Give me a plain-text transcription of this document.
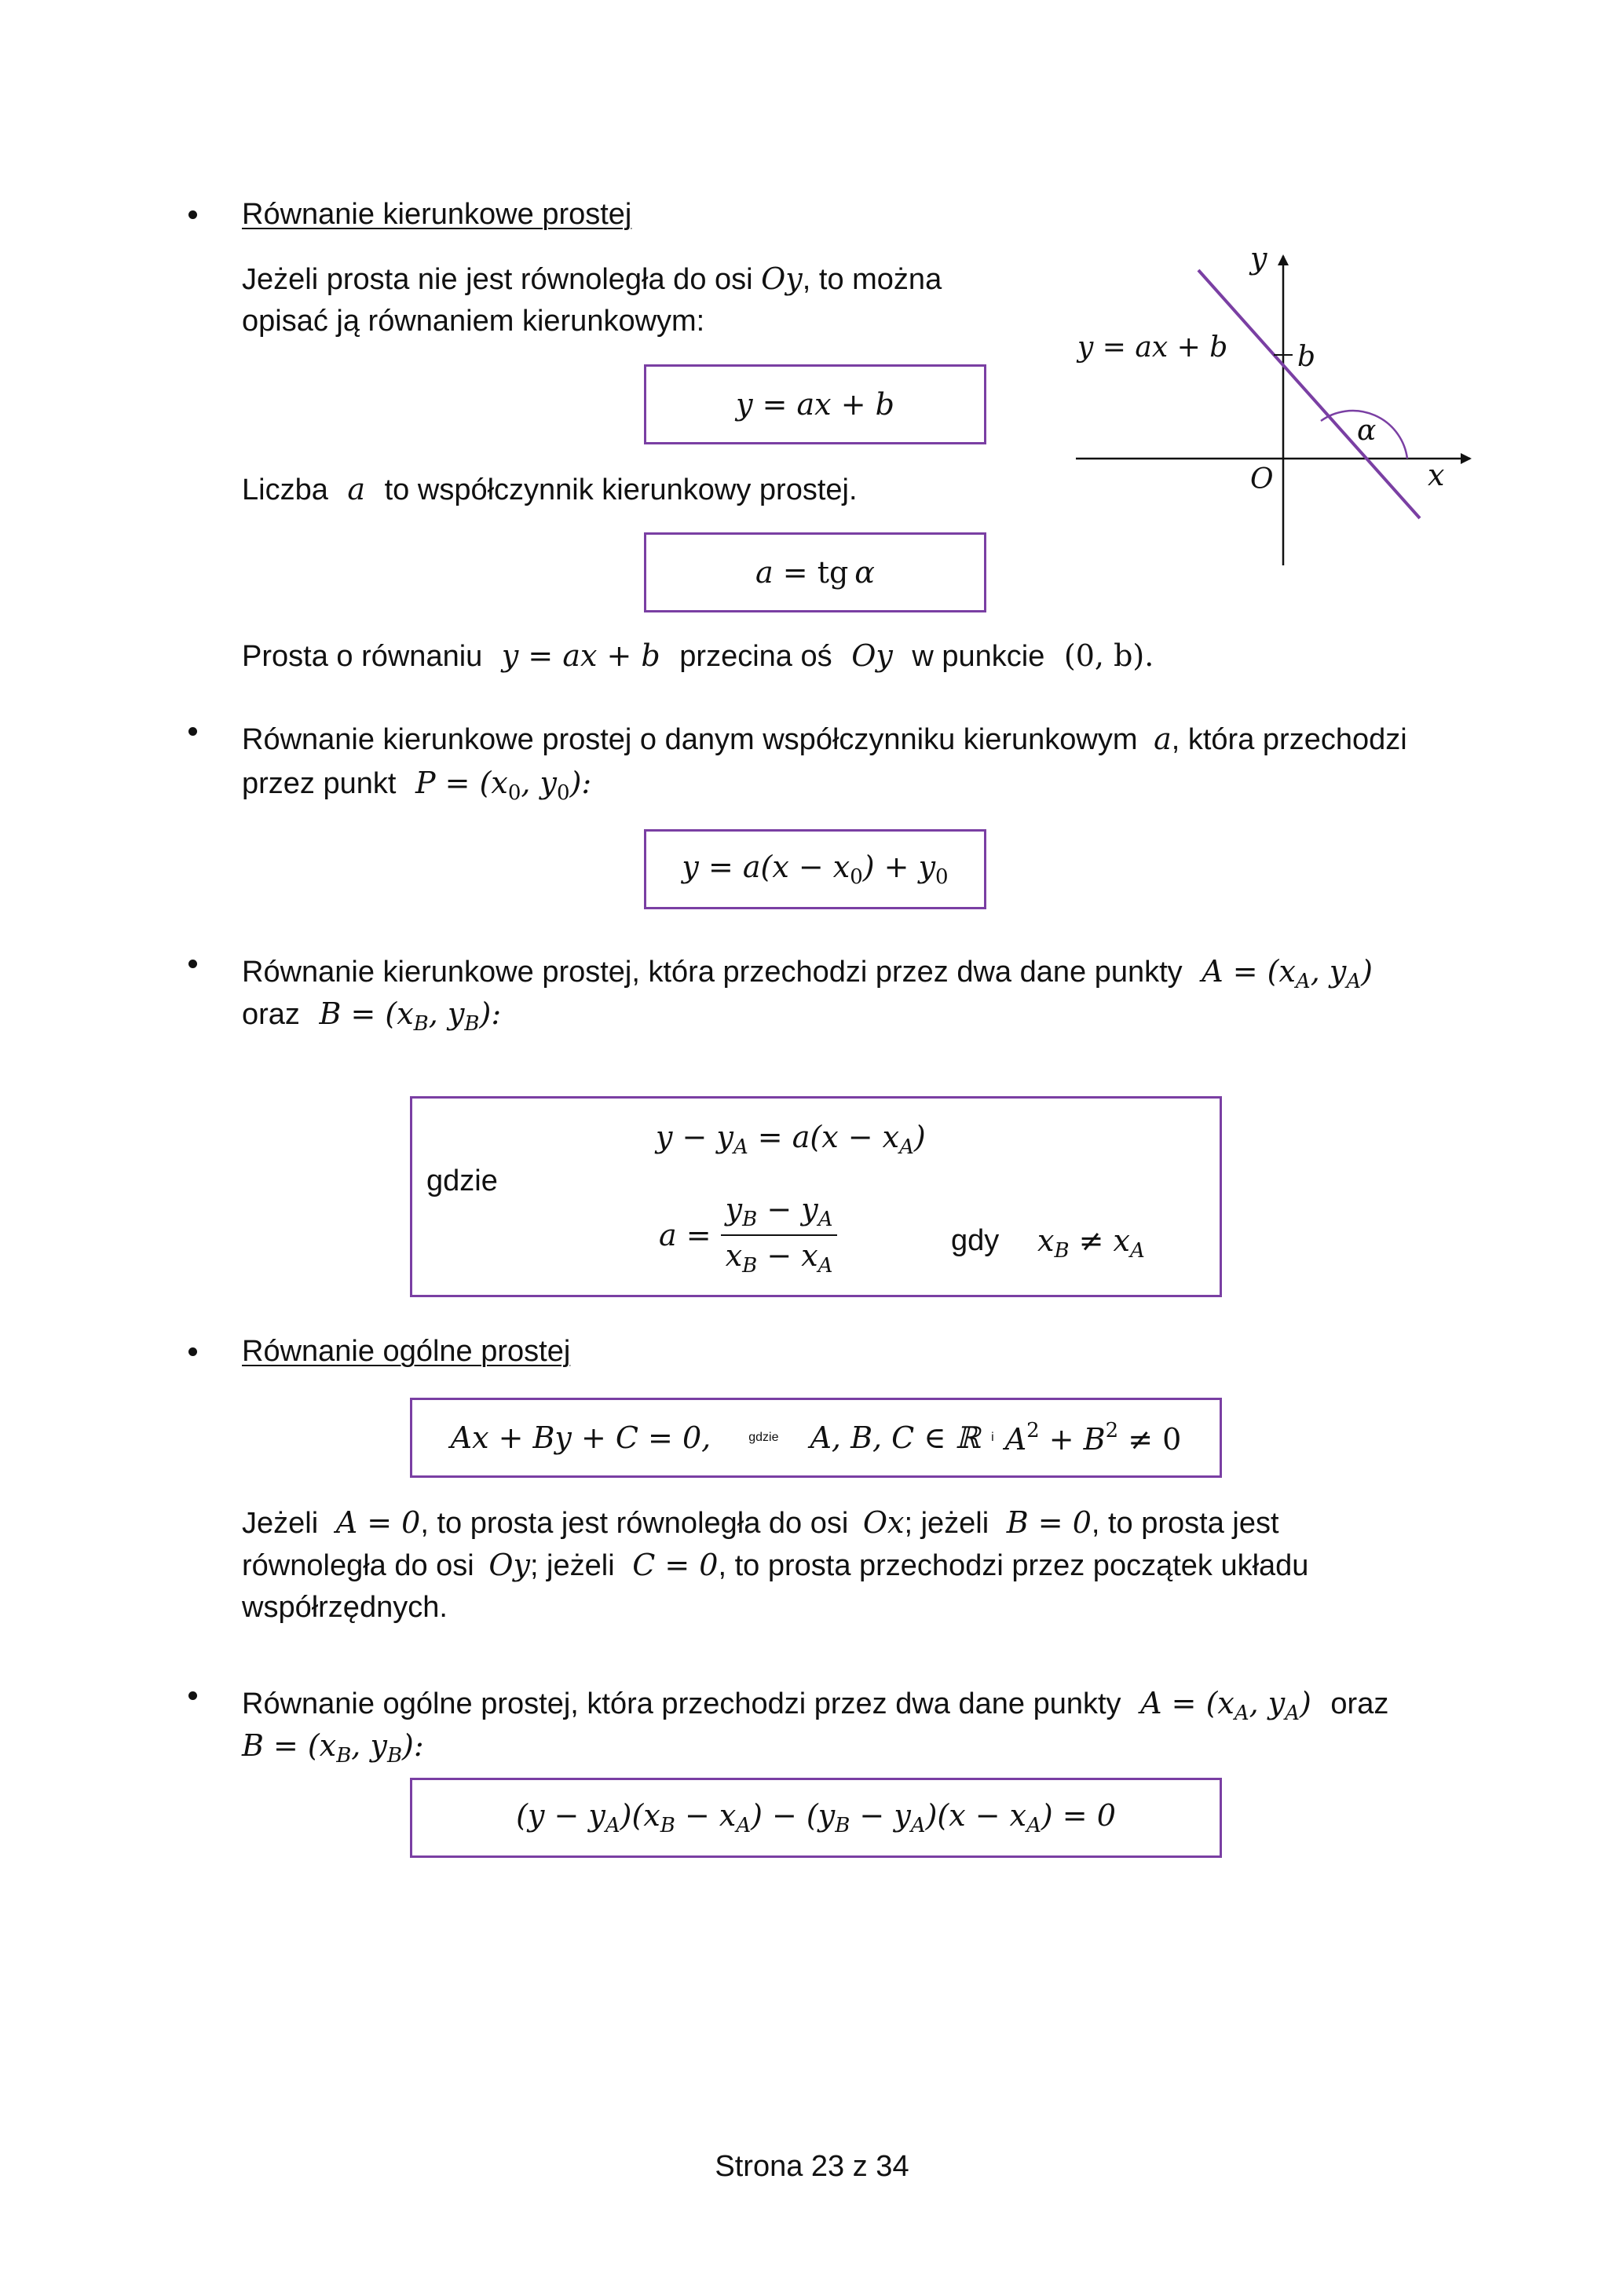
Równanie kierunkowe prostej
Jeżeli prosta nie jest równoległa do osi Oy, to można
opisać ją równaniem kierunkowym:
y = ax + b
Liczba a to współczynnik kierunkowy prostej.
a = tg α
Prosta o równaniu y = ax + b przecina oś Oy w punkcie (0, b).
y
x
O
b
α
y = ax + b
Równanie kierunkowe prostej o danym współczynniku kierunkowym a, która przechodzi
przez punkt $P = (x_0$, $y_0$):
y = a(x − x0) + y0
Równanie kierunkowe prostej, która przechodzi przez dwa dane punkty $A = (x_A$, $y_A$)
oraz $B = (x_B$, $y_B$):
gdzie
$y - y_A = a(x - x_A)$
$a = \frac{y_B - y_A}{x_B - x_A}$	gdy $x_B \ne x_A$
Równanie ogólne prostej
Ax + By + C = 0,	gdzie A, B, C ∈ ℝ i A2 + B2 ≠ 0
Jeżeli A = 0, to prosta jest równoległa do osi Ox; jeżeli B = 0, to prosta jest
równoległa do osi Oy; jeżeli C = 0, to prosta przechodzi przez początek układu
współrzędnych.
Równanie ogólne prostej, która przechodzi przez dwa dane punkty $A = (x_A$, $y_A$) oraz
$B = (x_B$, $y_B$):
(y − yA)(xB − xA) − (yB − yA)(x − xA) = 0
Strona 23 z 34
